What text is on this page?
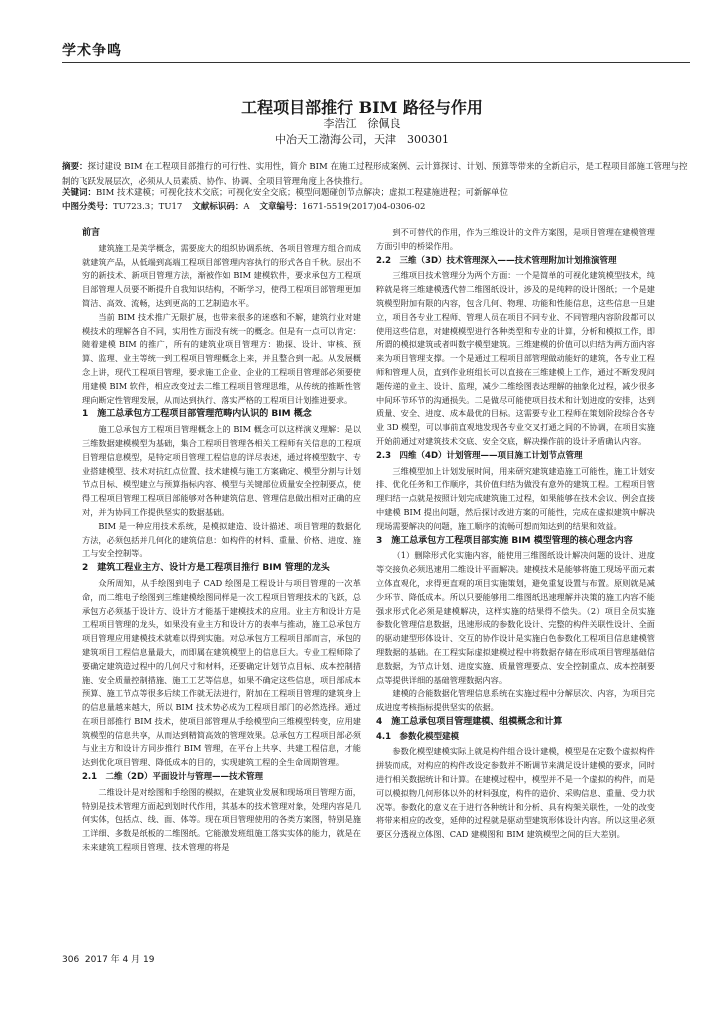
学术争鸣
工程项目部推行 BIM 路径与作用
李浩江　徐佩良
中冶天工渤海公司，天津　300301
摘要：探讨建设 BIM 在工程项目部推行的可行性、实用性，简介 BIM 在施工过程形成案例、云计算探讨、计划、预算等带来的全新启示，是工程项目部施工管理与控制的飞跃发展层次，必须从人员素质、协作、协调、全项目管理角度上各快推行。
关键词：BIM 技术建模；可视化技术交底；可视化安全交底；模型问题碰创节点解决；虚拟工程建施进程；可新解单位
中图分类号：TU723.3；TU17 文献标识码：A 文章编号：1671-5519(2017)04-0306-02
前言

建筑施工是美学概念，需要庞大的组织协调系统、各项目管理方组合而成就建筑产品，从低端到高端工程项目部管理内容执行的形式各自千秋。层出不穷的新技术、新项目管理方法，渐被作如 BIM 建模软件，要求承包方工程项目部管理人员要不断提升自我知识结构，不断学习，使得工程项目部管理更加简洁、高效、流畅，达到更高的工艺制造水平。

当前 BIM 技术推广无限扩展，也带来很多的迷惑和不解，建筑行业对建模技术的理解各自不同，实用性方面没有统一的概念。但是有一点可以肯定：随着建模 BIM 的推广，所有的建筑业项目管理方：勘探、设计、审核、预算、监理、业主等统一到工程项目管理概念上来，并且整合到一起。从发展概念上讲，现代工程项目管理，要求施工企业、企业的工程项目管理部必须要使用建模 BIM 软件，相应改变过去二维工程项目管理思维，从传统的推断性管理向断定性管理发展，从而达到执行、落实严格的工程项目计划推进要求。

1　施工总承包方工程项目部管理范畴内认识的 BIM 概念

施工总承包方工程项目管理概念上的 BIM 概念可以这样演义理解：是以三维数据建模模型为基础，集合工程项目管理各相关工程师有关信息的工程项目管理信息模型，是特定项目管理工程信息的详尽表述，通过将模型数字、专业搭建模型、技术对抗红点位置、技术建模与施工方案确定、模型分割与计划节点目标、模型建立与预算指标内容、模型与关键部位质量安全控制要点，使得工程项目管理工程项目部能够对各种建筑信息、管理信息做出相对正确的应对，并为协同工作提供坚实的数据基础。

BIM 是一种应用技术系统，是模拟建造、设计描述、项目管理的数据化方法，必须包括并几何化的建筑信息：如构件的材料、重量、价格、进度、施工与安全控制等。

2　建筑工程业主方、设计方是工程项目推行 BIM 管理的龙头

众所周知，从手绘图到电子 CAD 绘图是工程设计与项目管理的一次革命，而二维电子绘图到三维建模绘图同样是一次工程项目管理技术的飞跃，总承包方必须基于设计方、设计方才能基于建模技术的应用。业主方和设计方是工程项目管理的龙头，如果没有业主方和设计方的表率与推动，施工总承包方项目管理应用建模技术就难以得到实施。对总承包方工程项目部而言，承包的建筑项目工程信息量最大，而即属在建筑模型上的信息巨大。专业工程师除了要确定建筑造过程中的几何尺寸和材料，还要确定计划节点目标、成本控制措施、安全质量控制措施、施工工艺等信息，如果不确定这些信息，项目部成本预算、施工节点等很多后续工作就无法进行，附加在工程项目管理的建筑身上的信息量越来越大，所以 BIM 技术势必成为工程项目部门的必然选择。通过在项目部推行 BIM 技术，使项目部管理从手绘模型向三维模型转变，应用建筑模型的信息共享，从而达到精简高效的管理效果。总承包方工程项目部必须与业主方和设计方同步推行 BIM 管理，在平台上共享、共建工程信息，才能达到优化项目管理、降低成本的目的，实现建筑工程的全生命周期管理。

2.1　二维（2D）平面设计与管理——技术管理

二维设计是对绘图和手绘图的模拟，在建筑业发展和现场项目管理方面，特别是技术管理方面起到划时代作用，其基本的技术管理对象，处理内容是几何实体，包括点、线、面、体等。现在项目管理使用的各类方案图，特别是施工详细、多数是纸板的二维图纸。它能激发班组施工落实实体的能力，就是在未来建筑工程项目管理、技术管理的将是

到不可替代的作用，作为三维设计的文件方案图，是项目管理在建模管理方面引申的桥梁作用。

2.2　三维（3D）技术管理深入——技术管理附加计划推演管理

三维项目技术管理分为两个方面：一个是简单的可视化建筑模型技术，纯粹就是将三维建模透代替二维图纸设计，涉及的是纯粹的设计图纸；一个是建筑模型附加有限的内容，包含几何、物理、功能和性能信息，这些信息一旦建立，项目各专业工程师、管理人员在项目不同专业、不同管理内容阶段都可以使用这些信息，对建模模型进行各种类型和专业的计算，分析和模拟工作，即所谓的模拟建筑或者叫数字模型建筑。三维建模的价值可以归结为两方面内容来为项目管理支撑。一个是通过工程项目部管理做动能好的建筑，各专业工程师和管理人员，直到作业班组长可以直接在三维建模上工作，通过不断发现问题传递的业主、设计、监理，减少二维绘图表达理解的抽象化过程，减少很多中间环节环节的沟通损失。二是做尽可能使项目技术和计划进度的安排，达到质量、安全、进度、成本最优的目标。这需要专业工程师在策划阶段综合各专业 3D 模型，可以事前直观地发现各专业交叉打通之间的不协调，在项目实施开始前通过对建筑技术交底、安全交底，解决操作前的设计矛盾确认内容。

2.3　四维（4D）计划管理——项目施工计划节点管理

三维模型加上计划发展时间，用来研究建筑建造施工可能性，施工计划安排、优化任务和工作顺序，其价值归结为做没有意外的建筑工程。工程项目管理归结一点就是按照计划完成建筑施工过程，如果能够在技术会议、例会直接中建模 BIM 提出问题，然后探讨改进方案的可能性，完成在虚拟建筑中解决现场需要解决的问题，施工顺序的流畅可想而知达到的结果和效益。

3　施工总承包方工程项目部实施 BIM 模型管理的核心理念内容

（1）删除形式化实施内容，能使用三维图纸设计解决问题的设计、进度等交接负必须迅速用二维设计平面解决。建模技术是能够将施工现场平面元素立体直观化，求得更直观的项目实施策划，避免重复设置与布置。原则就是减少环节、降低成本。所以只要能够用二维图纸迅速理解并决策的施工内容不能强求形式化必须是建模解决，这样实施的结果得不偿失。（2）项目全员实施参数化管理信息数据，迅速形成的参数化设计、完整的构件关联性设计、全面的驱动建型形体设计、交互的协作设计是实施白色参数化工程项目信息建模管理数据的基础。在工程实际虚拟建模过程中将数据存储在形成项目管理基础信息数据，为节点计划、进度实施、质量管理要点、安全控制重点、成本控制要点等提供详细的基础管理数据内容。

建模的合能数据化管理信息系统在实施过程中分解层次、内容，为项目完成进度考核指标提供坚实的依据。

4　施工总承包项目管理建模、组模概念和计算
4.1　参数化模型建模

参数化模型建模实际上就是构件组合设计建模，模型是在定数个虚拟构件拼装而成，对构应的构件改设定参数并不断调节来满足设计建模的要求，同时进行相关数据统计和计算。在建模过程中，模型并不是一个虚拟的构件，而是可以模拟物几何形体以外的材料强度，构件的造价、采购信息、重量、受力状况等。参数化的意义在于进行各种统计和分析、具有构架关联性，一处的改变将带来相应的改变，延伸的过程就是驱动型建筑形体设计内容。所以这里必须要区分透视立体图、CAD 建模图和 BIM 建筑模型之间的巨大差别。

306 2017 年 4 月 19
